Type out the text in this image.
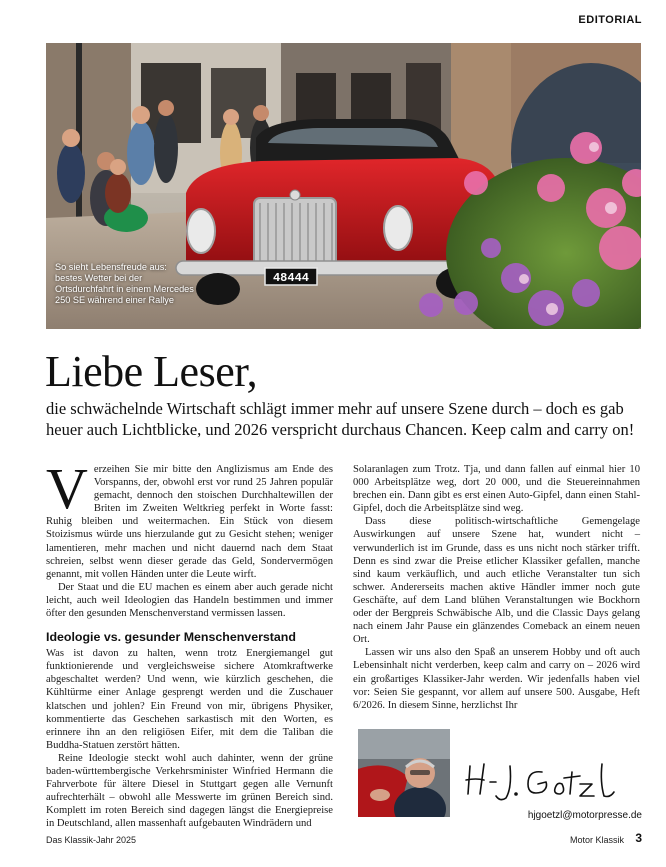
EDITORIAL
48444
So sieht Lebensfreude aus: bestes Wetter bei der Ortsdurchfahrt in einem Mercedes 250 SE während einer Rallye
Liebe Leser,

die schwächelnde Wirtschaft schlägt immer mehr auf unsere Szene durch – doch es gab heuer auch Lichtblicke, und 2026 verspricht durchaus Chancen. Keep calm and carry on!

Verzeihen Sie mir bitte den Anglizismus am Ende des Vorspanns, der, obwohl erst vor rund 25 Jahren populär gemacht, dennoch den stoischen Durchhaltewillen der Briten im Zweiten Weltkrieg perfekt in Worte fasst: Ruhig bleiben und weitermachen. Ein Stück von diesem Stoizismus würde uns hierzulande gut zu Gesicht stehen; weniger lamentieren, mehr machen und nicht dauernd nach dem Staat schreien, selbst wenn dieser gerade das Geld, Sondervermögen genannt, mit vollen Händen unter die Leute wirft.

Der Staat und die EU machen es einem aber auch gerade nicht leicht, auch weil Ideologien das Handeln bestimmen und immer öfter den gesunden Menschenverstand vermissen lassen.

Ideologie vs. gesunder Menschenverstand

Was ist davon zu halten, wenn trotz Energiemangel gut funktionierende und vergleichsweise sichere Atomkraftwerke abgeschaltet werden? Und wenn, wie kürzlich geschehen, die Kühltürme einer Anlage gesprengt werden und die Zuschauer klatschen und johlen? Ein Freund von mir, übrigens Physiker, kommentierte das Geschehen sarkastisch mit den Worten, es erinnere ihn an den religiösen Eifer, mit dem die Taliban die Buddha-Statuen zerstört hätten.

Reine Ideologie steckt wohl auch dahinter, wenn der grüne baden-württembergische Verkehrsminister Winfried Hermann die Fahrverbote für ältere Diesel in Stuttgart gegen alle Vernunft aufrechterhält – obwohl alle Messwerte im grünen Bereich sind. Komplett im roten Bereich sind dagegen längst die Energiepreise in Deutschland, allen massenhaft aufgebauten Windrädern und

Solaranlagen zum Trotz. Tja, und dann fallen auf einmal hier 10 000 Arbeitsplätze weg, dort 20 000, und die Steuereinnahmen brechen ein. Dann gibt es erst einen Auto-Gipfel, dann einen Stahl-Gipfel, doch die Arbeitsplätze sind weg.

Dass diese politisch-wirtschaftliche Gemengelage Auswirkungen auf unsere Szene hat, wundert nicht – verwunderlich ist im Grunde, dass es uns nicht noch stärker trifft. Denn es sind zwar die Preise etlicher Klassiker gefallen, manche sind kaum verkäuflich, und auch etliche Veranstalter tun sich schwer. Andererseits machen aktive Händler immer noch gute Geschäfte, auf dem Land blühen Veranstaltungen wie Bockhorn oder der Bergpreis Schwäbische Alb, und die Classic Days gelang nach einem Jahr Pause ein glänzendes Comeback an einem neuen Ort.

Lassen wir uns also den Spaß an unserem Hobby und oft auch Lebensinhalt nicht verderben, keep calm and carry on – 2026 wird ein großartiges Klassiker-Jahr werden. Wir jedenfalls haben viel vor: Seien Sie gespannt, vor allem auf unsere 500. Ausgabe, Heft 6/2026. In diesem Sinne, herzlichst Ihr

hjgoetzl@motorpresse.de
Das Klassik-Jahr 2025	Motor Klassik 3
